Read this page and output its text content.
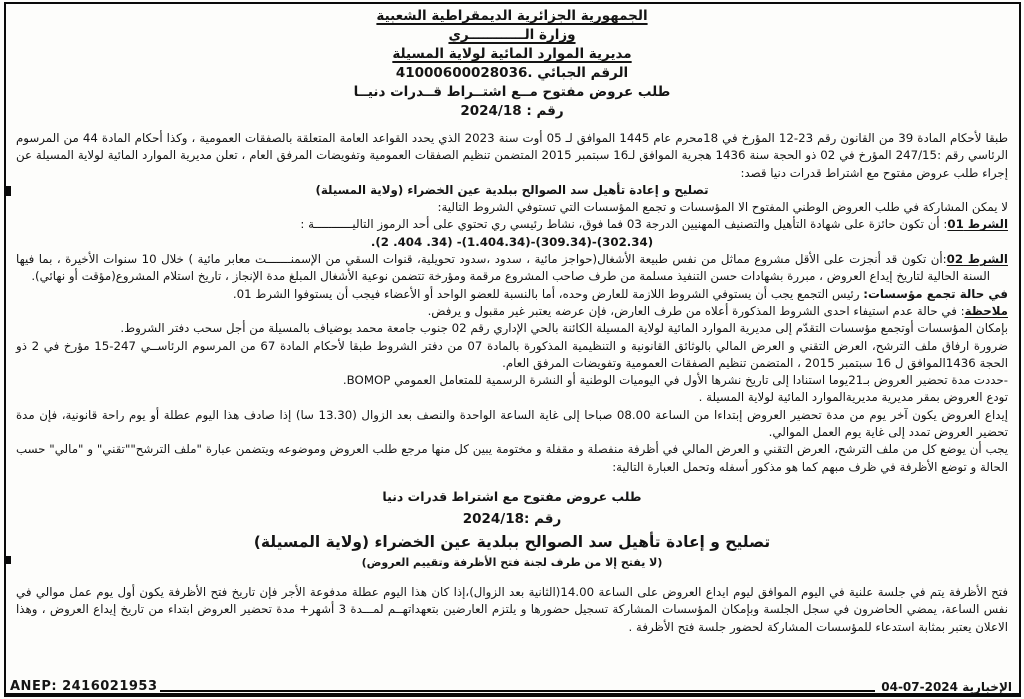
الجمهورية الجزائرية الديمقراطية الشعبية

وزارة الــــــــــــري

مديرية الموارد المائية لولاية المسيلة

الرقم الجبائي .41000600028036

طلب عروض مفتوح مــع اشتــراط قــدرات دنيــا

رقم : 2024/18

طبقا لأحكام المادة 39 من القانون رقم 23-12 المؤرخ في 18محرم عام 1445 الموافق لـ 05 أوت سنة 2023 الذي يحدد القواعد العامة المتعلقة بالصفقات العمومية ، وكذا أحكام المادة 44 من المرسوم الرئاسي رقم :247/15 المؤرخ في 02 ذو الحجة سنة 1436 هجرية الموافق لـ16 سبتمبر 2015 المتضمن تنظيم الصفقات العمومية وتفويضات المرفق العام ، تعلن مديرية الموارد المائية لولاية المسيلة عن إجراء طلب عروض مفتوح مع اشتراط قدرات دنيا قصد:

تصليح و إعادة تأهيل سد الصوالح ببلدية عين الخضراء (ولاية المسيلة)

لا يمكن المشاركة في طلب العروض الوطني المفتوح الا المؤسسات و تجمع المؤسسات التي تستوفي الشروط التالية:

الشرط 01: أن تكون حائزة على شهادة التأهيل والتصنيف المهنيين الدرجة 03 فما فوق، نشاط رئيسي ري تحتوي على أحد الرموز التاليـــــــــــة :

(302.34)-(309.34)-(1.404.34)- (34. 404. 2).

الشرط 02:أن تكون قد أنجزت على الأقل مشروع مماثل من نفس طبيعة الأشغال(حواجز مائية ، سدود ،سدود تحويلية، قنوات السقي من الإسمنـــــــت معابر مائية ) خلال 10 سنوات الأخيرة ، بما فيها السنة الحالية لتاريخ إيداع العروض ، مبررة بشهادات حسن التنفيذ مسلمة من طرف صاحب المشروع مرقمة ومؤرخة تتضمن نوعية الأشغال المبلغ مدة الإنجاز ، تاريخ استلام المشروع(مؤقت أو نهائي).

في حالة تجمع مؤسسات: رئيس التجمع يجب أن يستوفي الشروط اللازمة للعارض وحده، أما بالنسبة للعضو الواحد أو الأعضاء فيجب أن يستوفوا الشرط 01.

ملاحظة: في حالة عدم استيفاء احدى الشروط المذكورة أعلاه من طرف العارض، فإن عرضه يعتبر غير مقبول و يرفض.

بإمكان المؤسسات أوتجمع مؤسسات التقدّم إلى مديرية الموارد المائية لولاية المسيلة الكائنة بالحي الإداري رقم 02 جنوب جامعة محمد بوضياف بالمسيلة من أجل سحب دفتر الشروط.

ضرورة ارفاق ملف الترشح، العرض التقني و العرض المالي بالوثائق القانونية و التنظيمية المذكورة بالمادة 07 من دفتر الشروط طبقا لأحكام المادة 67 من المرسوم الرئاســي 247-15 مؤرخ في 2 ذو الحجة 1436الموافق ل 16 سبتمبر 2015 ، المتضمن تنظيم الصفقات العمومية وتفويضات المرفق العام.

-حددت مدة تحضير العروض بـ21يوما استنادا إلى تاريخ نشرها الأول في اليوميات الوطنية أو النشرة الرسمية للمتعامل العمومي BOMOP.

تودع العروض بمقر مديرية مديريةالموارد المائية لولاية المسيلة .

إيداع العروض يكون آخر يوم من مدة تحضير العروض إبتداءا من الساعة 08.00 صباحا إلى غاية الساعة الواحدة والنصف بعد الزوال (13.30 سا) إذا صادف هذا اليوم عطلة أو يوم راحة قانونية، فإن مدة تحضير العروض تمدد إلى غاية يوم العمل الموالي.

يجب أن يوضع كل من ملف الترشح، العرض التقني و العرض المالي في أظرفة منفصلة و مقفلة و مختومة يبين كل منها مرجع طلب العروض وموضوعه ويتضمن عبارة "ملف الترشح""تقني" و "مالي" حسب الحالة و توضع الأظرفة في ظرف مبهم كما هو مذكور أسفله وتحمل العبارة التالية:

طلب عروض مفتوح مع اشتراط قدرات دنيا

رقم :2024/18

تصليح و إعادة تأهيل سد الصوالح ببلدية عين الخضراء (ولاية المسيلة)

(لا يفتح إلا من طرف لجنة فتح الأظرفة وتقييم العروض)

فتح الأظرفة يتم في جلسة علنية في اليوم الموافق ليوم ايداع العروض على الساعة 14.00(الثانية بعد الزوال)،إذا كان هذا اليوم عطلة مدفوعة الأجر فإن تاريخ فتح الأظرفة يكون أول يوم عمل موالي في نفس الساعة، يمضي الحاضرون في سجل الجلسة وبإمكان المؤسسات المشاركة تسجيل حضورها و يلتزم العارضين بتعهداتهــم لمـــدة 3 أشهر+ مدة تحضير العروض ابتداء من تاريخ إيداع العروض ، وهذا الاعلان يعتبر بمثابة استدعاء للمؤسسات المشاركة لحضور جلسة فتح الأظرفة .

ANEP: 2416021953	الإخبارية 2024-07-04
